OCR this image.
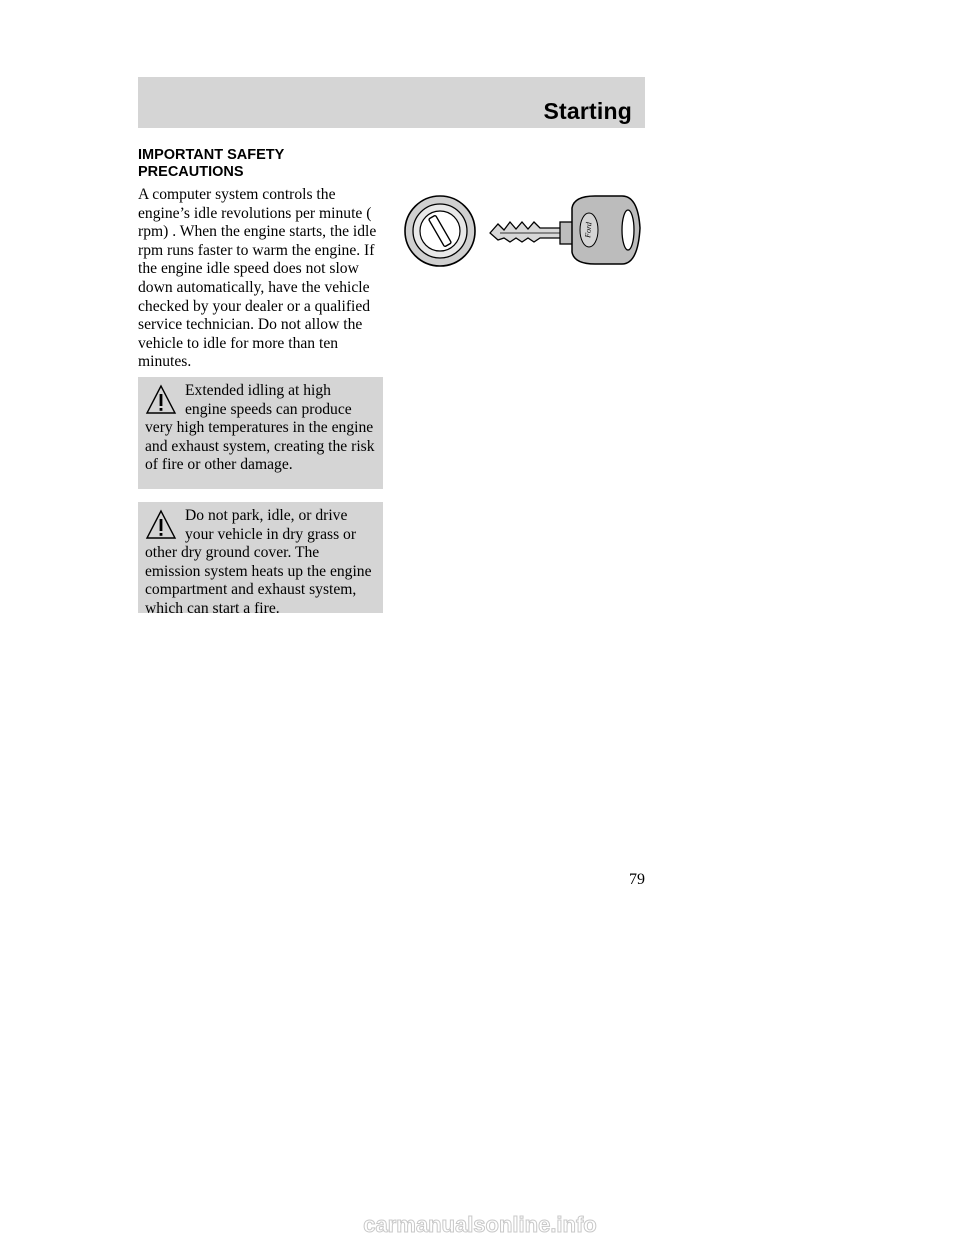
Starting
IMPORTANT SAFETY PRECAUTIONS
A computer system controls the engine’s idle revolutions per minute ( rpm) . When the engine starts, the idle rpm runs faster to warm the engine. If the engine idle speed does not slow down automatically, have the vehicle checked by your dealer or a qualified service technician. Do not allow the vehicle to idle for more than ten minutes.
Extended idling at high engine speeds can produce very high temperatures in the engine and exhaust system, creating the risk of fire or other damage.
Do not park, idle, or drive your vehicle in dry grass or other dry ground cover. The emission system heats up the engine compartment and exhaust system, which can start a fire.
Ford
79
carmanualsonline.info
